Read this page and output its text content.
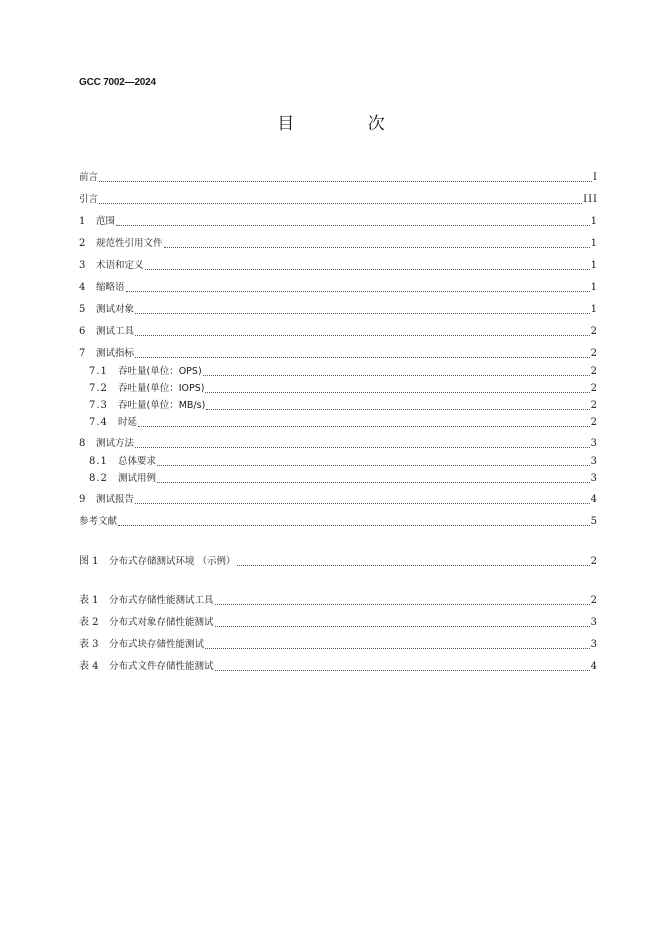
GCC 7002—2024
目 次
前言	I
引言	III
1	范围	1
2	规范性引用文件	1
3	术语和定义	1
4	缩略语	1
5	测试对象	1
6	测试工具	2
7	测试指标	2
7.1	吞吐量(单位：OPS)	2
7.2	吞吐量(单位：IOPS)	2
7.3	吞吐量(单位：MB/s)	2
7.4	时延	2
8	测试方法	3
8.1	总体要求	3
8.2	测试用例	3
9	测试报告	4
参考文献	5
图 1	分布式存储测试环境 （示例）	2
表 1	分布式存储性能测试工具	2
表 2	分布式对象存储性能测试	3
表 3	分布式块存储性能测试	3
表 4	分布式文件存储性能测试	4
